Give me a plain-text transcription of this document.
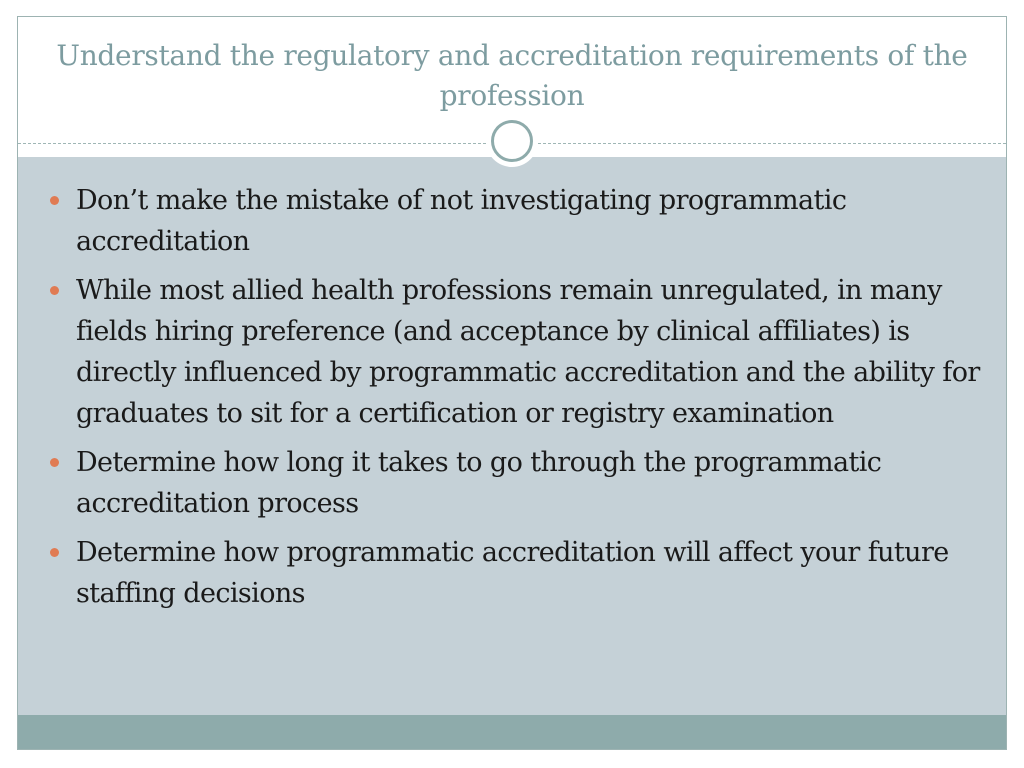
Understand the regulatory and accreditation requirements of the profession
Don’t make the mistake of not investigating programmatic accreditation
While most allied health professions remain unregulated, in many fields hiring preference (and acceptance by clinical affiliates) is directly influenced by programmatic accreditation and the ability for graduates to sit for a certification or registry examination
Determine how long it takes to go through the programmatic accreditation process
Determine how programmatic accreditation will affect your future staffing decisions
